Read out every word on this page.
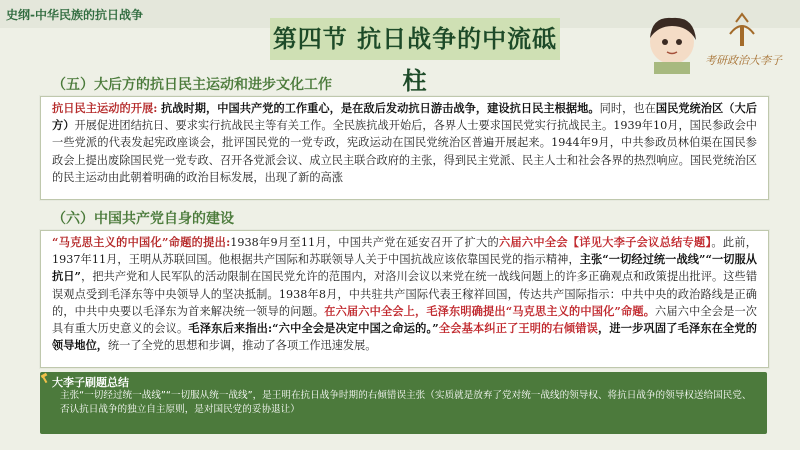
史纲-中华民族的抗日战争
第四节 抗日战争的中流砥柱
考研政治大李子
（五）大后方的抗日民主运动和进步文化工作
抗日民主运动的开展: 抗战时期，中国共产党的工作重心，是在敌后发动抗日游击战争，建设抗日民主根据地。同时，也在国民党统治区（大后方）开展促进团结抗日、要求实行抗战民主等有关工作。全民族抗战开始后，各界人士要求国民党实行抗战民主。1939年10月，国民参政会中一些党派的代表发起宪政座谈会，批评国民党的一党专政，宪政运动在国民党统治区普遍开展起来。1944年9月，中共参政员林伯渠在国民参政会上提出废除国民党一党专政、召开各党派会议、成立民主联合政府的主张，得到民主党派、民主人士和社会各界的热烈响应。国民党统治区的民主运动由此朝着明确的政治目标发展，出现了新的高涨
（六）中国共产党自身的建设
“马克思主义的中国化”命题的提出:1938年9月至11月，中国共产党在延安召开了扩大的六届六中全会【详见大李子会议总结专题】。此前，1937年11月，王明从苏联回国。他根据共产国际和苏联领导人关于中国抗战应该依靠国民党的指示精神，主张“一切经过统一战线”“一切服从抗日”，把共产党和人民军队的活动限制在国民党允许的范围内，对洛川会议以来党在统一战线问题上的许多正确观点和政策提出批评。这些错误观点受到毛泽东等中央领导人的坚决抵制。1938年8月，中共驻共产国际代表王稼祥回国，传达共产国际指示：中共中央的政治路线是正确的，中共中央要以毛泽东为首来解决统一领导的问题。在六届六中全会上，毛泽东明确提出“马克思主义的中国化”命题。六届六中全会是一次具有重大历史意义的会议。毛泽东后来指出:“六中全会是决定中国之命运的。”全会基本纠正了王明的右倾错误，进一步巩固了毛泽东在全党的领导地位，统一了全党的思想和步调，推动了各项工作迅速发展。
大李子刷题总结
主张“一切经过统一战线”“一切服从统一战线”，是王明在抗日战争时期的右倾错误主张（实质就是放弃了党对统一战线的领导权、将抗日战争的领导权送给国民党、否认抗日战争的独立自主原则，是对国民党的妥协退让）
